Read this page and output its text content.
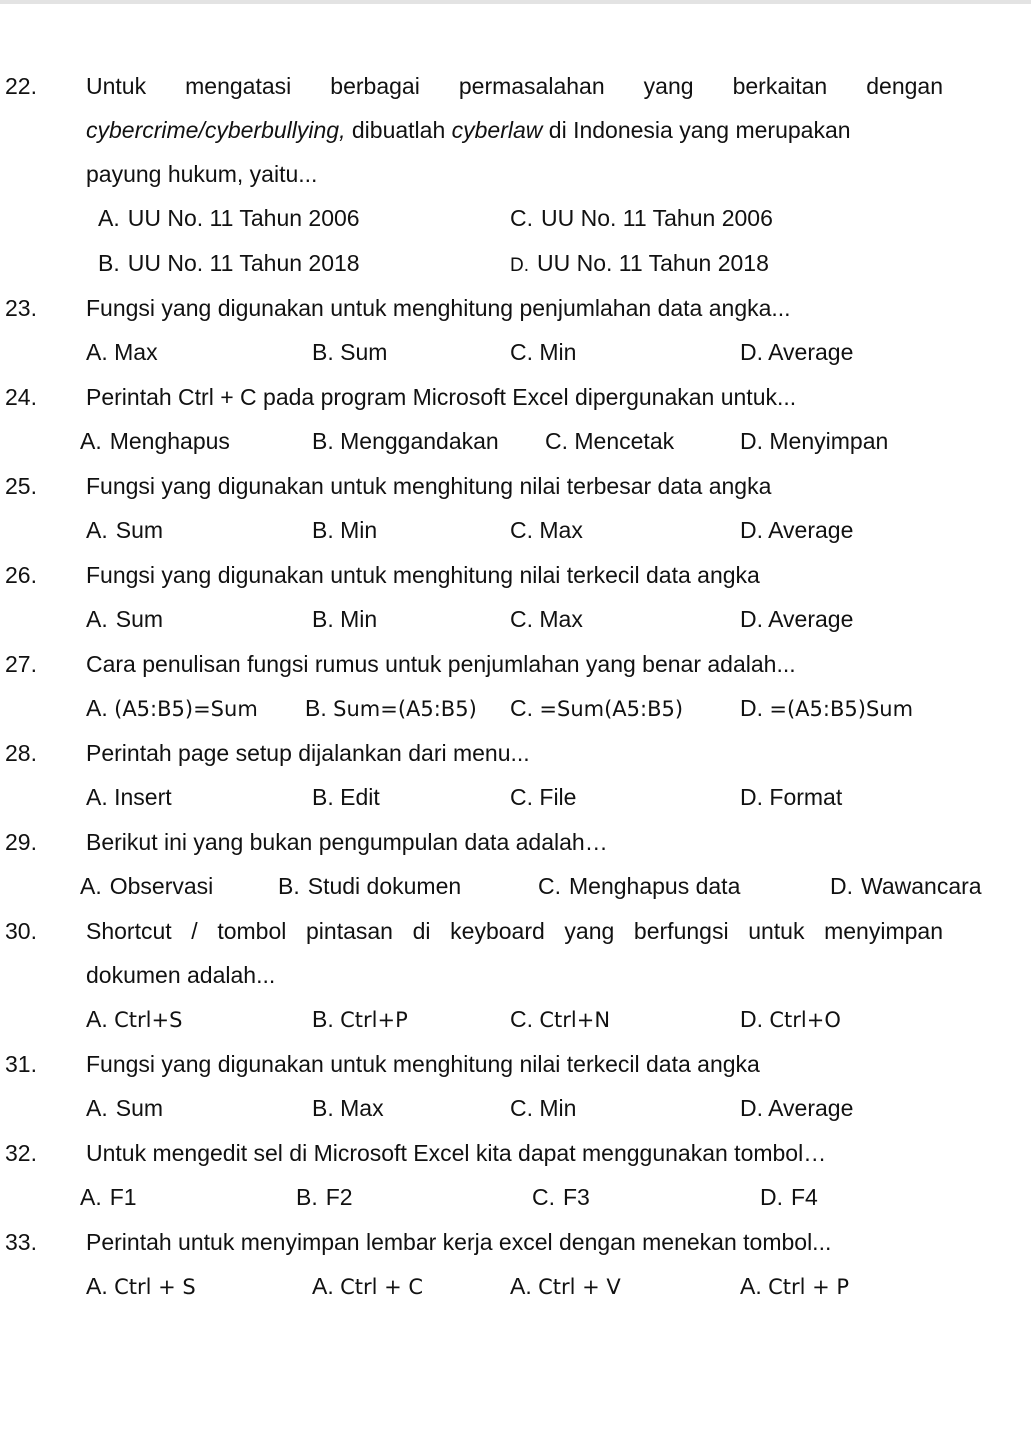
22. Untuk mengatasi berbagai permasalahan yang berkaitan dengan
cybercrime/cyberbullying, dibuatlah cyberlaw di Indonesia yang merupakan
payung hukum, yaitu...
A. UU No. 11 Tahun 2006	C. UU No. 11 Tahun 2006
B. UU No. 11 Tahun 2018	D. UU No. 11 Tahun 2018
23. Fungsi yang digunakan untuk menghitung penjumlahan data angka...
A. Max	B. Sum	C. Min	D. Average
24. Perintah Ctrl + C pada program Microsoft Excel dipergunakan untuk...
A. Menghapus	B. Menggandakan C. Mencetak	D. Menyimpan
25. Fungsi yang digunakan untuk menghitung nilai terbesar data angka
A. Sum	B. Min	C. Max	D. Average
26. Fungsi yang digunakan untuk menghitung nilai terkecil data angka
A. Sum	B. Min	C. Max	D. Average
27. Cara penulisan fungsi rumus untuk penjumlahan yang benar adalah...
A. (A5:B5)=Sum B. Sum=(A5:B5) C. =Sum(A5:B5) D. =(A5:B5)Sum
28. Perintah page setup dijalankan dari menu...
A. Insert	B. Edit	C. File	D. Format
29. Berikut ini yang bukan pengumpulan data adalah…
A. Observasi	B. Studi dokumen	C. Menghapus data	D. Wawancara
30. Shortcut / tombol pintasan di keyboard yang berfungsi untuk menyimpan
dokumen adalah...
A. Ctrl+S	B. Ctrl+P	C. Ctrl+N	D. Ctrl+O
31. Fungsi yang digunakan untuk menghitung nilai terkecil data angka
A. Sum	B. Max	C. Min	D. Average
32. Untuk mengedit sel di Microsoft Excel kita dapat menggunakan tombol…
A. F1	B. F2	C. F3	D. F4
33. Perintah untuk menyimpan lembar kerja excel dengan menekan tombol...
A. Ctrl + S	A. Ctrl + C	A. Ctrl + V	A. Ctrl + P
